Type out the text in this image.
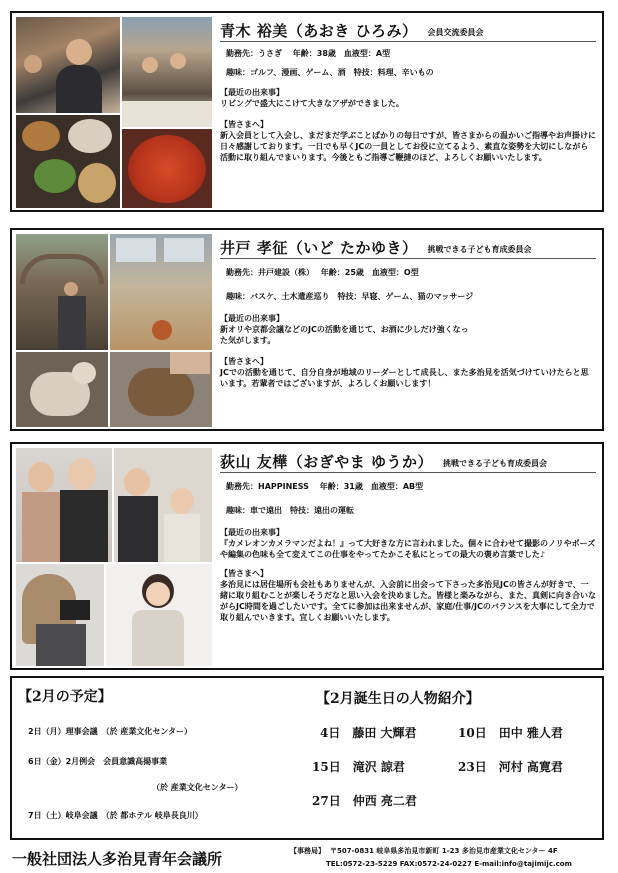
青木 裕美（あおき ひろみ） 会員交流委員会
勤務先：うさぎ　 年齢：38歳　血液型：A型
趣味：ゴルフ、漫画、ゲーム、酒　特技：料理、辛いもの
【最近の出来事】
リビングで盛大にこけて大きなアザができました。
【皆さまへ】
新入会員として入会し、まだまだ学ぶことばかりの毎日ですが、皆さまからの温かいご指導やお声掛けに日々感謝しております。一日でも早くJCの一員としてお役に立てるよう、素直な姿勢を大切にしながら活動に取り組んでまいります。今後ともご指導ご鞭撻のほど、よろしくお願いいたします。
井戸 孝征（いど たかゆき） 挑戦できる子ども育成委員会
勤務先：井戸建設（株）　 年齢：25歳　血液型：O型
趣味：バスケ、土木遺産巡り　特技：早寝、ゲーム、猫のマッサージ
【最近の出来事】
新オリや京都会議などのJCの活動を通じて、お酒に少しだけ強くなった気がします。
【皆さまへ】
JCでの活動を通じて、自分自身が地域のリーダーとして成長し、また多治見を活気づけていけたらと思います。若輩者ではございますが、よろしくお願いします！
荻山 友樺（おぎやま ゆうか） 挑戦できる子ども育成委員会
勤務先：HAPPINESS　 年齢：31歳　血液型：AB型
趣味：車で遠出　特技：遠出の運転
【最近の出来事】
『カメレオンカメラマンだよね！』って大好きな方に言われました。個々に合わせて撮影のノリやポーズや編集の色味も全て変えてこの仕事をやってたかこそ私にとっての最大の褒め言葉でした♪
【皆さまへ】
多治見には居住場所も会社もありませんが、入会前に出会って下さった多治見JCの皆さんが好きで、一緒に取り組むことが楽しそうだなと思い入会を決めました。皆様と楽みながら、また、真剣に向き合いながらJC時間を過ごしたいです。全てに参加は出来ませんが、家庭/仕事/JCのバランスを大事にして全力で取り組んでいきます。宜しくお願いいたします。
【2月の予定】
2日（月）理事会議　（於 産業文化センター）
6日（金）2月例会　会員意識高揚事業
（於 産業文化センター）
7日（土）岐阜会議　（於 都ホテル 岐阜長良川）
【2月誕生日の人物紹介】
4日　藤田 大輝君	10日　田中 雅人君
15日　滝沢 諒君	23日　河村 高寛君
27日　仲西 亮二君
一般社団法人多治見青年会議所	【事務局】 〒507-0831 岐阜県多治見市新町 1-23 多治見市産業文化センター 4F
TEL:0572-23-5229 FAX:0572-24-0227 E-mail:info@tajimijc.com
